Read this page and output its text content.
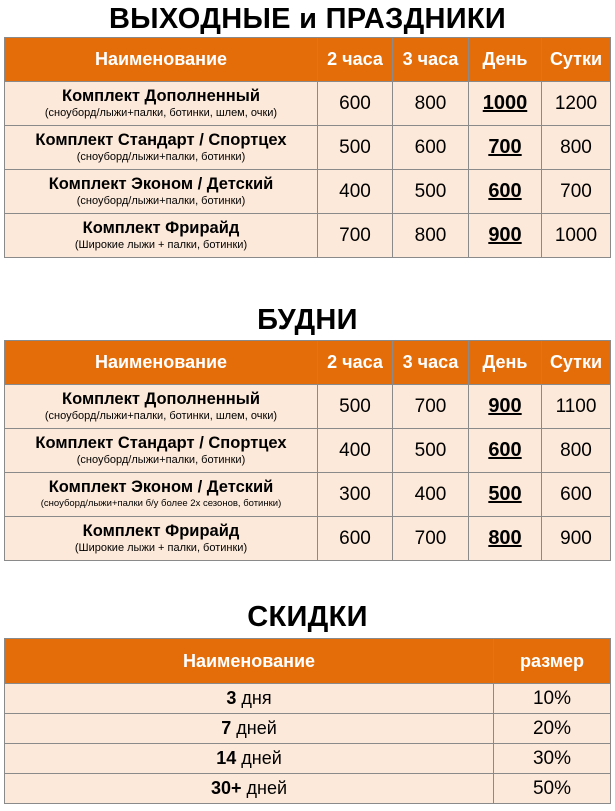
ВЫХОДНЫЕ и ПРАЗДНИКИ
Наименование	2 часа	3 часа	День	Сутки

Комплект Дополненный
(сноуборд/лыжи+палки, ботинки, шлем, очки)	600	800	1000	1200

Комплект Стандарт / Спортцех
(сноуборд/лыжи+палки, ботинки)	500	600	700	800

Комплект Эконом / Детский
(сноуборд/лыжи+палки, ботинки)	400	500	600	700

Комплект Фрирайд
(Широкие лыжи + палки, ботинки)	700	800	900	1000
БУДНИ
Наименование	2 часа	3 часа	День	Сутки

Комплект Дополненный
(сноуборд/лыжи+палки, ботинки, шлем, очки)	500	700	900	1100

Комплект Стандарт / Спортцех
(сноуборд/лыжи+палки, ботинки)	400	500	600	800

Комплект Эконом / Детский
(сноуборд/лыжи+палки б/у более 2х сезонов, ботинки)	300	400	500	600

Комплект Фрирайд
(Широкие лыжи + палки, ботинки)	600	700	800	900
СКИДКИ
Наименование	размер
3 дня	10%
7 дней	20%
14 дней	30%
30+ дней	50%
